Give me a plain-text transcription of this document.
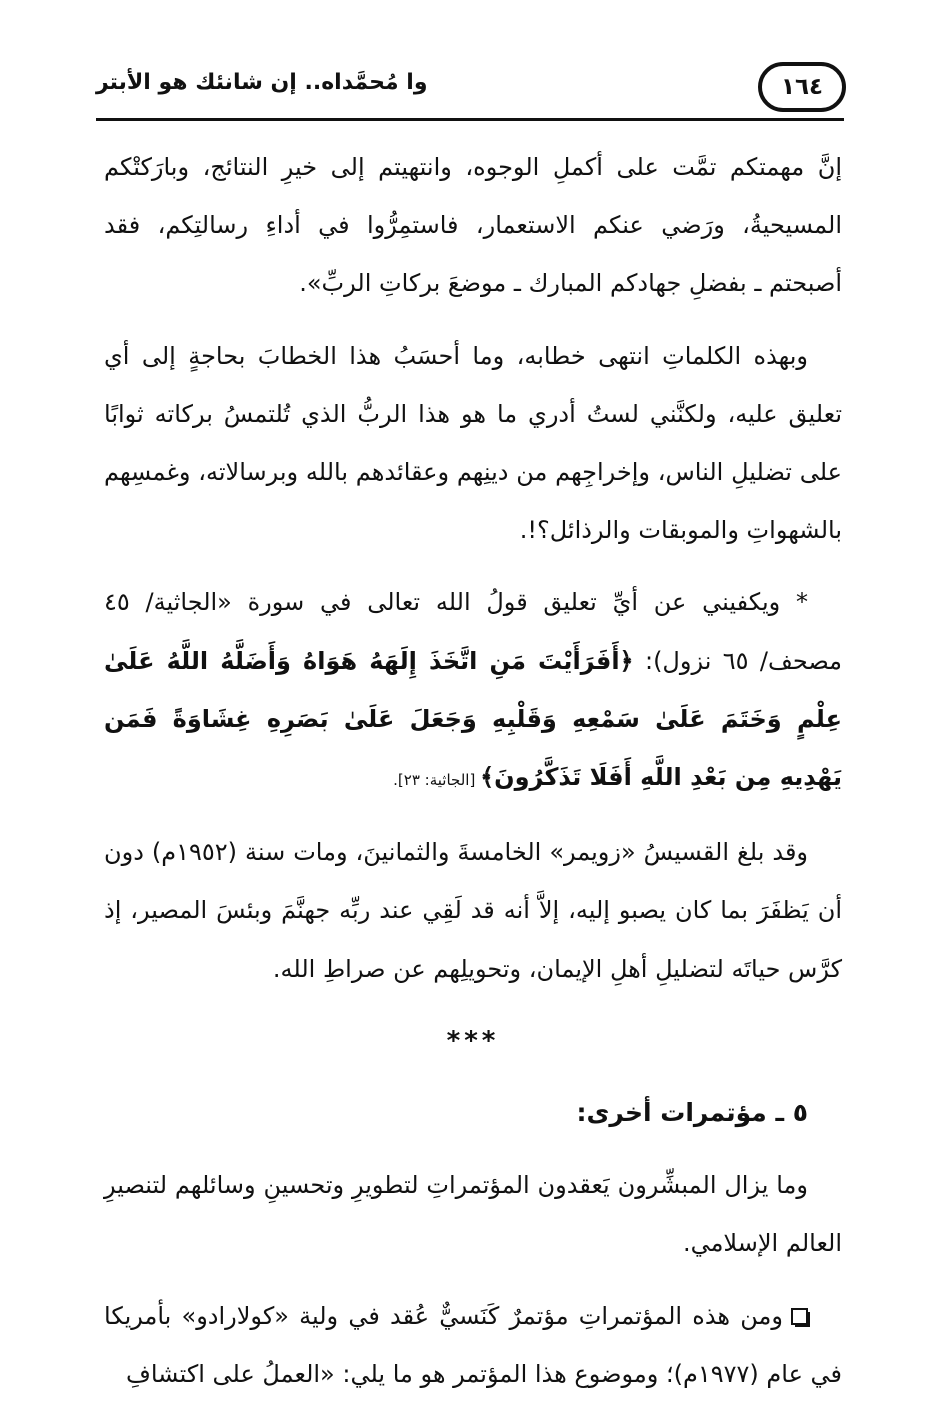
١٦٤
وا مُحمَّداه.. إن شانئك هو الأبتر

إنَّ مهمتكم تمَّت على أكملِ الوجوه، وانتهيتم إلى خيرِ النتائج، وبارَكتْكم المسيحيةُ، ورَضي عنكم الاستعمار، فاستمِرُّوا في أداءِ رسالتِكم، فقد أصبحتم ـ بفضلِ جهادكم المبارك ـ موضعَ بركاتِ الربِّ».

وبهذه الكلماتِ انتهى خطابه، وما أحسَبُ هذا الخطابَ بحاجةٍ إلى أي تعليق عليه، ولكنَّني لستُ أدري ما هو هذا الربُّ الذي تُلتمسُ بركاته ثوابًا على تضليلِ الناس، وإخراجِهم من دينِهم وعقائدهم بالله وبرسالاته، وغمسِهم بالشهواتِ والموبقات والرذائل؟!.

* ويكفيني عن أيِّ تعليق قولُ الله تعالى في سورة «الجاثية/ ٤٥ مصحف/ ٦٥ نزول): ﴿أَفَرَأَيْتَ مَنِ اتَّخَذَ إِلَهَهُ هَوَاهُ وَأَضَلَّهُ اللَّهُ عَلَىٰ عِلْمٍ وَخَتَمَ عَلَىٰ سَمْعِهِ وَقَلْبِهِ وَجَعَلَ عَلَىٰ بَصَرِهِ غِشَاوَةً فَمَن يَهْدِيهِ مِن بَعْدِ اللَّهِ أَفَلَا تَذَكَّرُونَ﴾ [الجاثية: ٢٣].

وقد بلغ القسيسُ «زويمر» الخامسةَ والثمانينَ، ومات سنة (١٩٥٢م) دون أن يَظفَرَ بما كان يصبو إليه، إلاَّ أنه قد لَقِي عند ربِّه جهنَّمَ وبئسَ المصير، إذ كرَّس حياتَه لتضليلِ أهلِ الإيمان، وتحويلِهم عن صراطِ الله.

***

٥ ـ مؤتمرات أخرى:

وما يزال المبشِّرون يَعقدون المؤتمراتِ لتطويرِ وتحسينِ وسائلهم لتنصيرِ العالم الإسلامي.

ومن هذه المؤتمراتِ مؤتمرٌ كَنَسيٌّ عُقد في ولية «كولارادو» بأمريكا في عام (١٩٧٧م)؛ وموضوع هذا المؤتمر هو ما يلي: «العملُ على اكتشافِ
